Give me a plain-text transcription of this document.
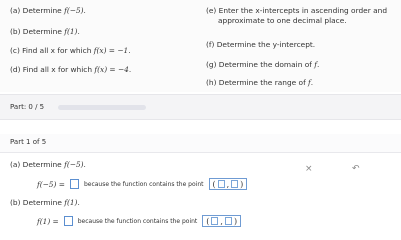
(a) Determine f(−5).
(b) Determine f(1).
(c) Find all x for which f(x) = −1.
(d) Find all x for which f(x) = −4.
(e) Enter the x-intercepts in ascending order and
approximate to one decimal place.
(f) Determine the y-intercept.
(g) Determine the domain of f.
(h) Determine the range of f.
Part: 0 / 5
Part 1 of 5
(a) Determine f(−5).	×	↶
f(−5) =	because the function contains the point ( , )
(b) Determine f(1).
f(1) =	because the function contains the point ( , )
